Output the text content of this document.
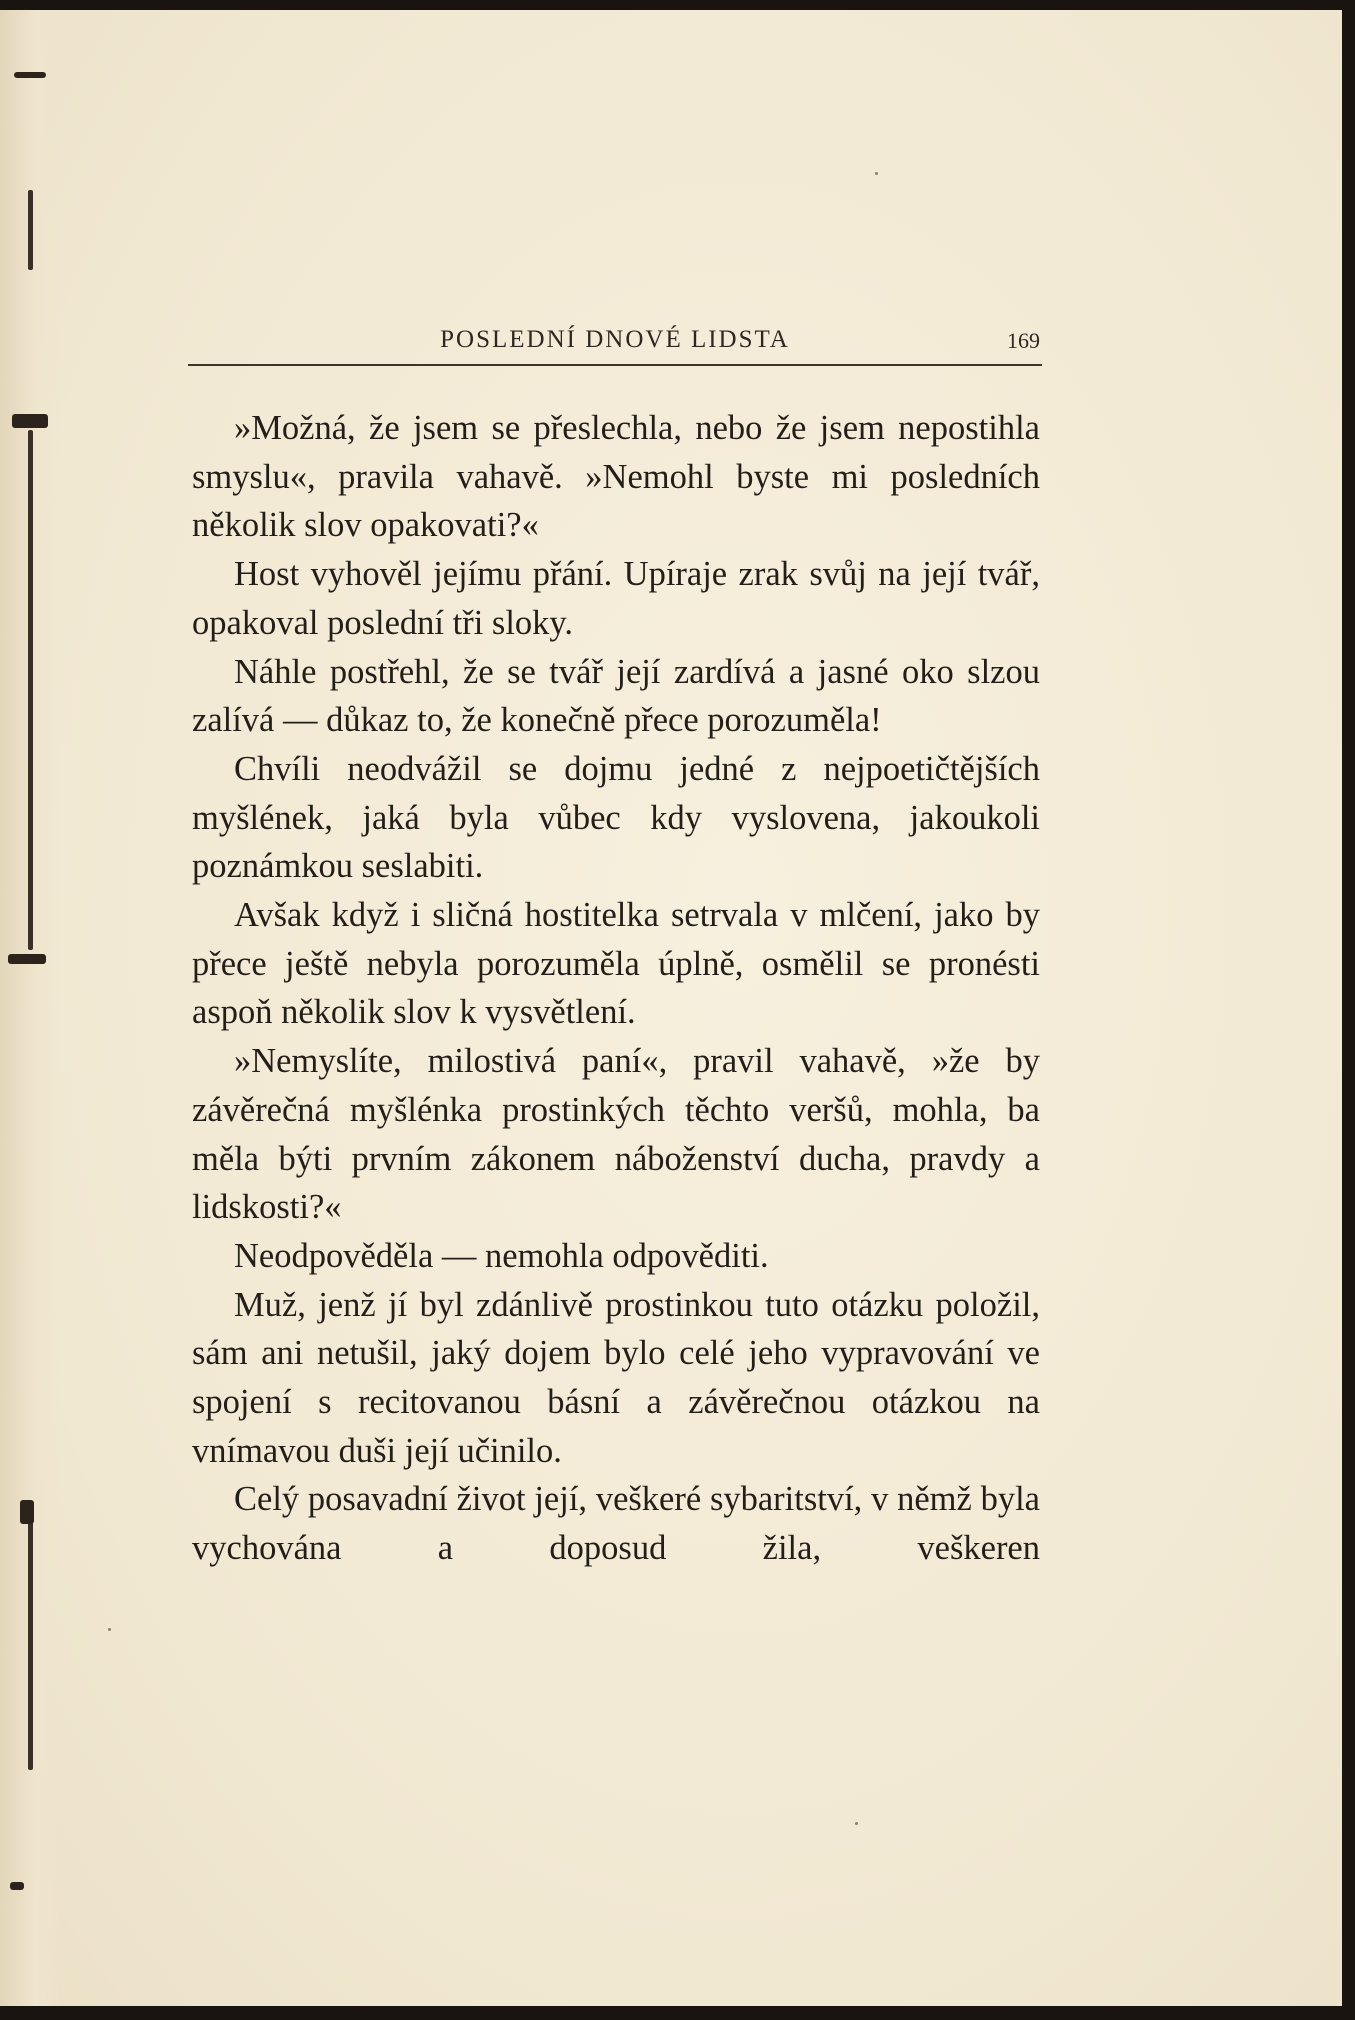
POSLEDNÍ DNOVÉ LIDSTA	169

»Možná, že jsem se přeslechla, nebo že jsem nepostihla smyslu«, pravila vahavě. »Nemohl byste mi posledních několik slov opakovati?«

Host vyhověl jejímu přání. Upíraje zrak svůj na její tvář, opakoval poslední tři sloky.

Náhle postřehl, že se tvář její zardívá a jasné oko slzou zalívá — důkaz to, že konečně přece porozuměla!

Chvíli neodvážil se dojmu jedné z nejpoetičtějších myšlének, jaká byla vůbec kdy vyslovena, jakoukoli poznámkou seslabiti.

Avšak když i sličná hostitelka setrvala v mlčení, jako by přece ještě nebyla porozuměla úplně, osmělil se pronésti aspoň několik slov k vysvětlení.

»Nemyslíte, milostivá paní«, pravil vahavě, »že by závěrečná myšlénka prostinkých těchto veršů, mohla, ba měla býti prvním zákonem náboženství ducha, pravdy a lidskosti?«

Neodpověděla — nemohla odpověditi.

Muž, jenž jí byl zdánlivě prostinkou tuto otázku položil, sám ani netušil, jaký dojem bylo celé jeho vypravování ve spojení s recitovanou básní a závěrečnou otázkou na vnímavou duši její učinilo.

Celý posavadní život její, veškeré sybaritství, v němž byla vychována a doposud žila, veškeren
